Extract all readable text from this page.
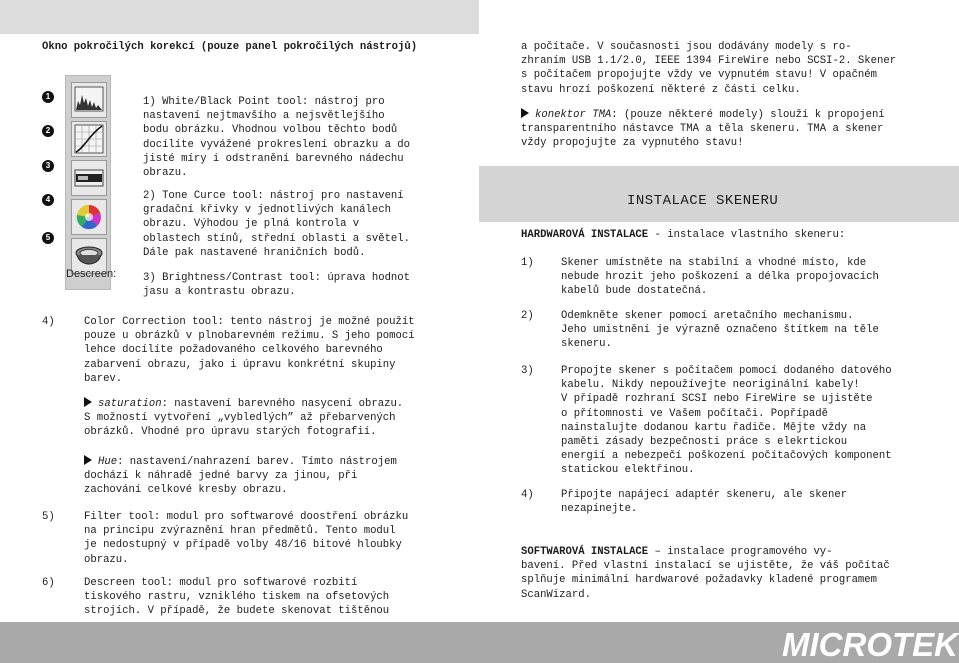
Okno pokročilých korekcí (pouze panel pokročilých nástrojů)
Descreen:
1
2
3
4
5
1) White/Black Point tool: nástroj pro
nastavení nejtmavšího a nejsvětlejšího
bodu obrázku. Vhodnou volbou těchto bodů
docílíte vyvážené prokreslení obrazku a do
jisté míry i odstranění barevného nádechu
obrazu.
2) Tone Curce tool: nástroj pro nastavení
gradační křivky v jednotlivých kanálech
obrazu. Výhodou je plná kontrola v
oblastech stínů, střední oblasti a světel.
Dále pak nastavené hraničních bodů.
3) Brightness/Contrast tool: úprava hodnot
jasu a kontrastu obrazu.
4)	Color Correction tool: tento nástroj je možné použít
pouze u obrázků v plnobarevném režimu. S jeho pomocí
lehce docílíte požadovaného celkového barevného
zabarvení obrazu, jako i úpravu konkrétní skupiny
barev.
saturation: nastavení barevného nasycení obrazu.
S možností vytvoření „vybledlých” až přebarvených
obrázků. Vhodné pro úpravu starých fotografií.
Hue: nastavení/nahrazení barev. Tímto nástrojem
dochází k náhradě jedné barvy za jinou, při
zachování celkové kresby obrazu.
5)	Filter tool: modul pro softwarové doostření obrázku
na principu zvýraznění hran předmětů. Tento modul
je nedostupný v případě volby 48/16 bitové hloubky
obrazu.
6)	Descreen tool: modul pro softwarové rozbití
tiskového rastru, vzniklého tiskem na ofsetových
strojích. V případě, že budete skenovat tištěnou
a počítače. V současnosti jsou dodávány modely s ro-
zhraním USB 1.1/2.0, IEEE 1394 FireWire nebo SCSI-2. Skener
s počítačem propojujte vždy ve vypnutém stavu! V opačném
stavu hrozí poškození některé z části celku.
konektor TMA: (pouze některé modely) slouží k propojení
transparentního nástavce TMA a těla skeneru. TMA a skener
vždy propojujte za vypnutého stavu!
INSTALACE SKENERU
HARDWAROVÁ INSTALACE - instalace vlastního skeneru:
1)	Skener umístněte na stabilní a vhodné místo, kde
nebude hrozit jeho poškození a délka propojovacích
kabelů bude dostatečná.
2)	Odemkněte skener pomocí aretačního mechanismu.
Jeho umistnění je výrazně označeno štítkem na těle
skeneru.
3)	Propojte skener s počítačem pomocí dodaného datového
kabelu. Nikdy nepoužívejte neoriginální kabely!
V případě rozhraní SCSI nebo FireWire se ujistěte
o přítomnosti ve Vašem počítači. Popřípadě
nainstalujte dodanou kartu řadiče. Mějte vždy na
paměti zásady bezpečnosti práce s elekrtickou
energií a nebezpečí poškození počítačových komponent
statickou elektřinou.
4)	Připojte napájecí adaptér skeneru, ale skener
nezapínejte.
SOFTWAROVÁ INSTALACE – instalace programového vy-
bavení. Před vlastní instalací se ujistěte, že váš počítač
splňuje minimální hardwarové požadavky kladené programem
ScanWizard.
MICROTEK
